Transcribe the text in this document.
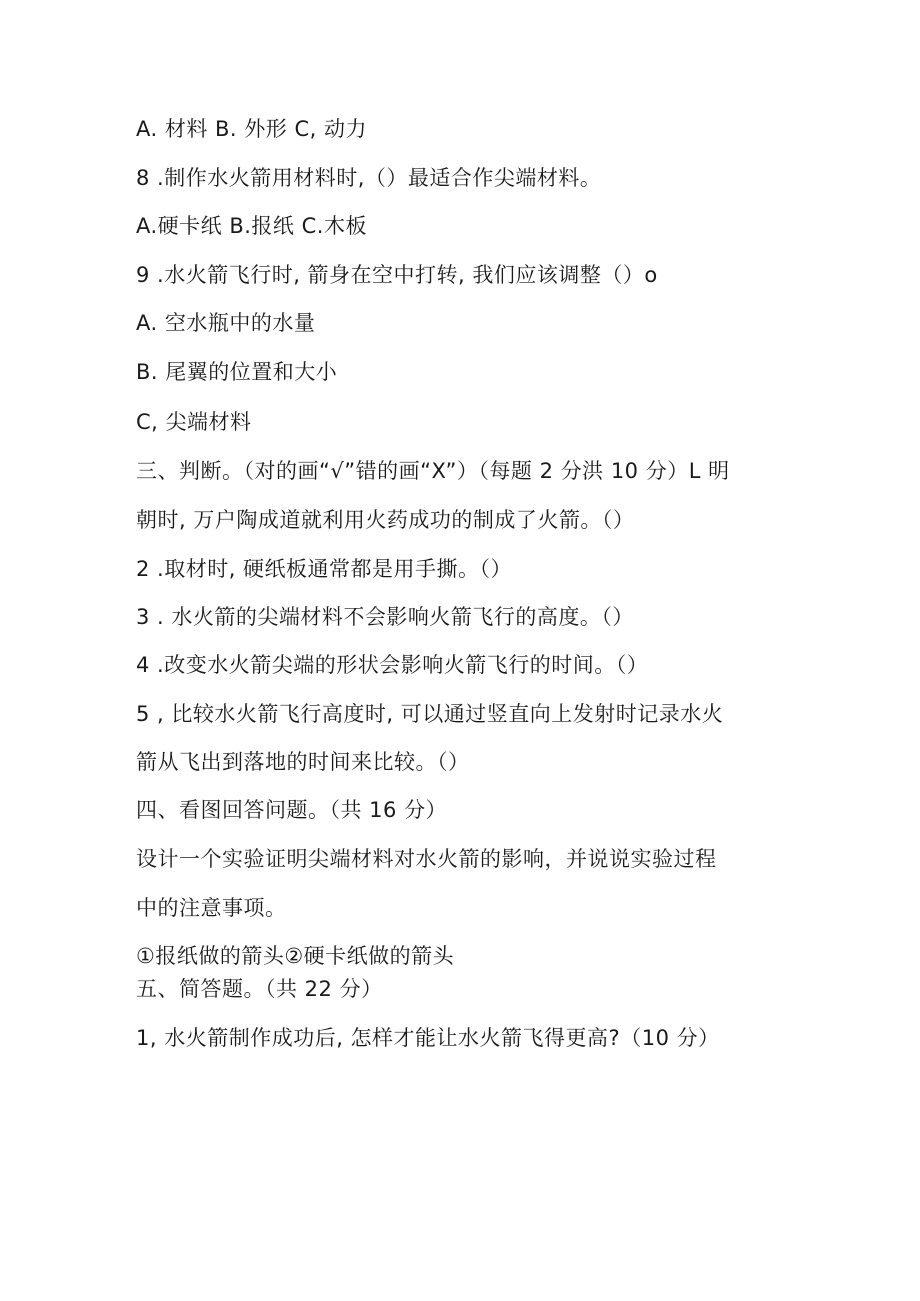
A. 材料 B. 外形 C, 动力
8 .制作水火箭用材料时,（）最适合作尖端材料。
A.硬卡纸 B.报纸 C.木板
9 .水火箭飞行时, 箭身在空中打转, 我们应该调整（）o
A. 空水瓶中的水量
B. 尾翼的位置和大小
C, 尖端材料
三、判断。（对的画“√”错的画“X”）（每题 2 分洪 10 分）L 明
朝时, 万户陶成道就利用火药成功的制成了火箭。（）
2 .取材时, 硬纸板通常都是用手撕。（）
3 . 水火箭的尖端材料不会影响火箭飞行的高度。（）
4 .改变水火箭尖端的形状会影响火箭飞行的时间。（）
5 , 比较水火箭飞行高度时, 可以通过竖直向上发射时记录水火
箭从飞出到落地的时间来比较。（）
四、看图回答问题。（共 16 分）
设计一个实验证明尖端材料对水火箭的影响，并说说实验过程
中的注意事项。
①报纸做的箭头②硬卡纸做的箭头
五、简答题。（共 22 分）
1, 水火箭制作成功后, 怎样才能让水火箭飞得更高?（10 分）
